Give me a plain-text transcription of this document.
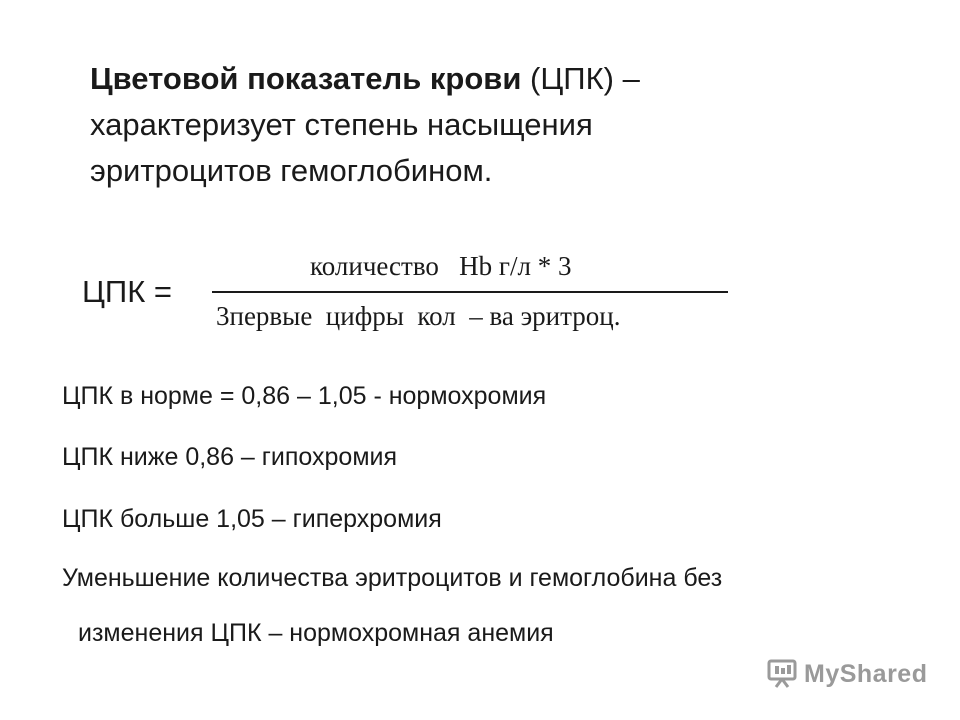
Цветовой показатель крови (ЦПК) –
характеризует степень насыщения
эритроцитов гемоглобином.
ЦПК =
количество   Hb г/л * 3
3первые  цифры  кол  – ва эритроц.
ЦПК в норме = 0,86 – 1,05 - нормохромия
ЦПК ниже 0,86 – гипохромия
ЦПК больше 1,05 – гиперхромия
Уменьшение количества эритроцитов и гемоглобина без
изменения ЦПК – нормохромная анемия
MyShared
